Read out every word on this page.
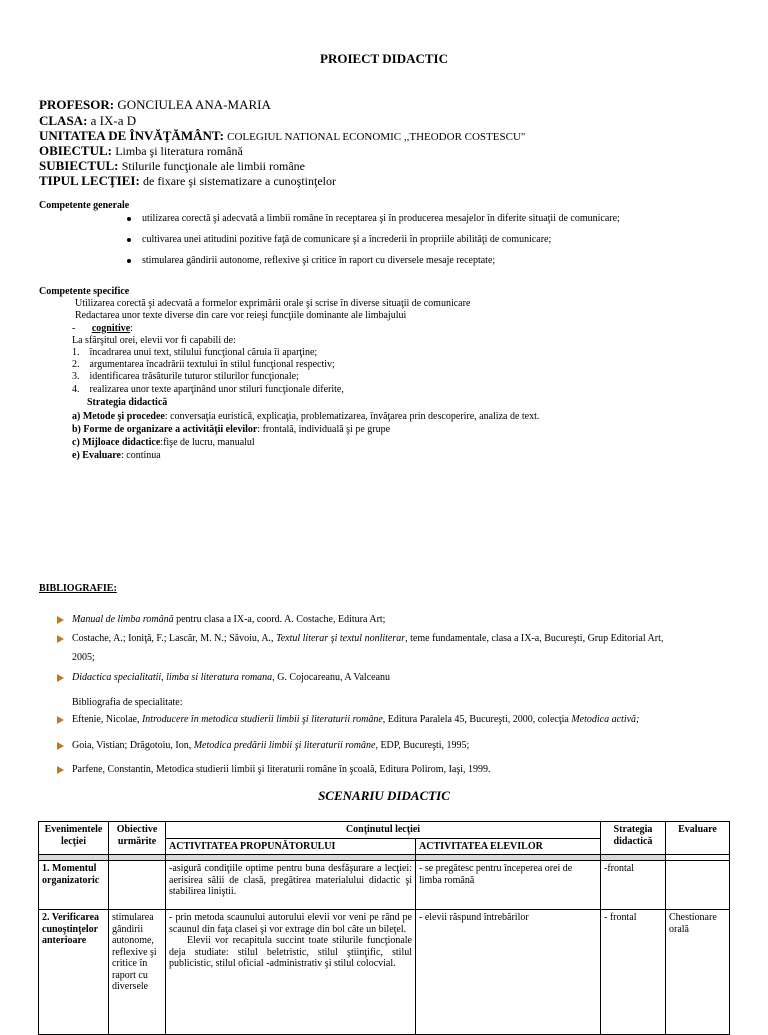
PROIECT DIDACTIC
PROFESOR: GONCIULEA ANA-MARIA
CLASA: a IX-a D
UNITATEA DE ÎNVĂŢĂMÂNT: COLEGIUL NATIONAL ECONOMIC ,,THEODOR COSTESCU"
OBIECTUL: Limba şi literatura română
SUBIECTUL: Stilurile funcţionale ale limbii române
TIPUL LECŢIEI: de fixare şi sistematizare a cunoştinţelor
Competente generale
utilizarea corectă şi adecvată a limbii române în receptarea şi în producerea mesajelor în diferite situaţii de comunicare;
cultivarea unei atitudini pozitive faţă de comunicare şi a încrederii în propriile abilităţi de comunicare;
stimularea gândirii autonome, reflexive şi critice în raport cu diversele mesaje receptate;
Competente specifice
Utilizarea corectă şi adecvată a formelor exprimării orale şi scrise în diverse situaţii de comunicare
Redactarea unor texte diverse din care vor reieşi funcţiile dominante ale limbajului
- cognitive:
La sfârşitul orei, elevii vor fi capabili de:
1. încadrarea unui text, stilului funcţional căruia îi aparţine;
2. argumentarea încadrării textului în stilul funcţional respectiv;
3. identificarea trăsăturile tuturor stilurilor funcţionale;
4. realizarea unor texte aparţinând unor stiluri funcţionale diferite,
Strategia didactică
a) Metode şi procedee: conversaţia euristică, explicaţia, problematizarea, învăţarea prin descoperire, analiza de text.
b) Forme de organizare a activităţii elevilor: frontală, individuală şi pe grupe
c) Mijloace didactice:fişe de lucru, manualul
e) Evaluare: continua
BIBLIOGRAFIE:
Manual de limba română pentru clasa a IX-a, coord. A. Costache, Editura Art;
Costache, A.; Ioniţă, F.; Lascăr, M. N.; Săvoiu, A., Textul literar şi textul nonliterar, teme fundamentale, clasa a IX-a, Bucureşti, Grup Editorial Art,
2005;
Didactica specialitatii, limba si literatura romana, G. Cojocareanu, A Valceanu
Bibliografia de specialitate:
Eftenie, Nicolae, Introducere în metodica studierii limbii şi literaturii române, Editura Paralela 45, Bucureşti, 2000, colecţia Metodica activă;
Goia, Vistian; Drăgotoiu, Ion, Metodica predării limbii şi literaturii române, EDP, Bucureşti, 1995;
Parfene, Constantin, Metodica studierii limbii şi literaturii române în şcoală, Editura Polirom, Iaşi, 1999.
SCENARIU DIDACTIC
Evenimentele lecţiei	Obiective urmărite	Conţinutul lecţiei		Strategia didactică	Evaluare
		ACTIVITATEA PROPUNĂTORULUI	ACTIVITATEA ELEVILOR		

1. Momentul organizatoric		-asigură condiţiile optime pentru buna desfăşurare a lecţiei: aerisirea sălii de clasă, pregătirea materialului didactic şi stabilirea liniştii.	- se pregătesc pentru începerea orei de limba română	-frontal	
2. Verificarea cunoştinţelor anterioare	stimularea gândirii autonome, reflexive şi critice în raport cu diversele	- prin metoda scaunului autorului elevii vor veni pe rând pe scaunul din faţa clasei şi vor extrage din bol câte un bileţel.
Elevii vor recapitula succint toate stilurile funcţionale deja studiate: stilul beletristic, stilul ştiinţific, stilul publicistic, stilul oficial -administrativ şi stilul colocvial.	- elevii răspund întrebărilor	- frontal	Chestionare orală
